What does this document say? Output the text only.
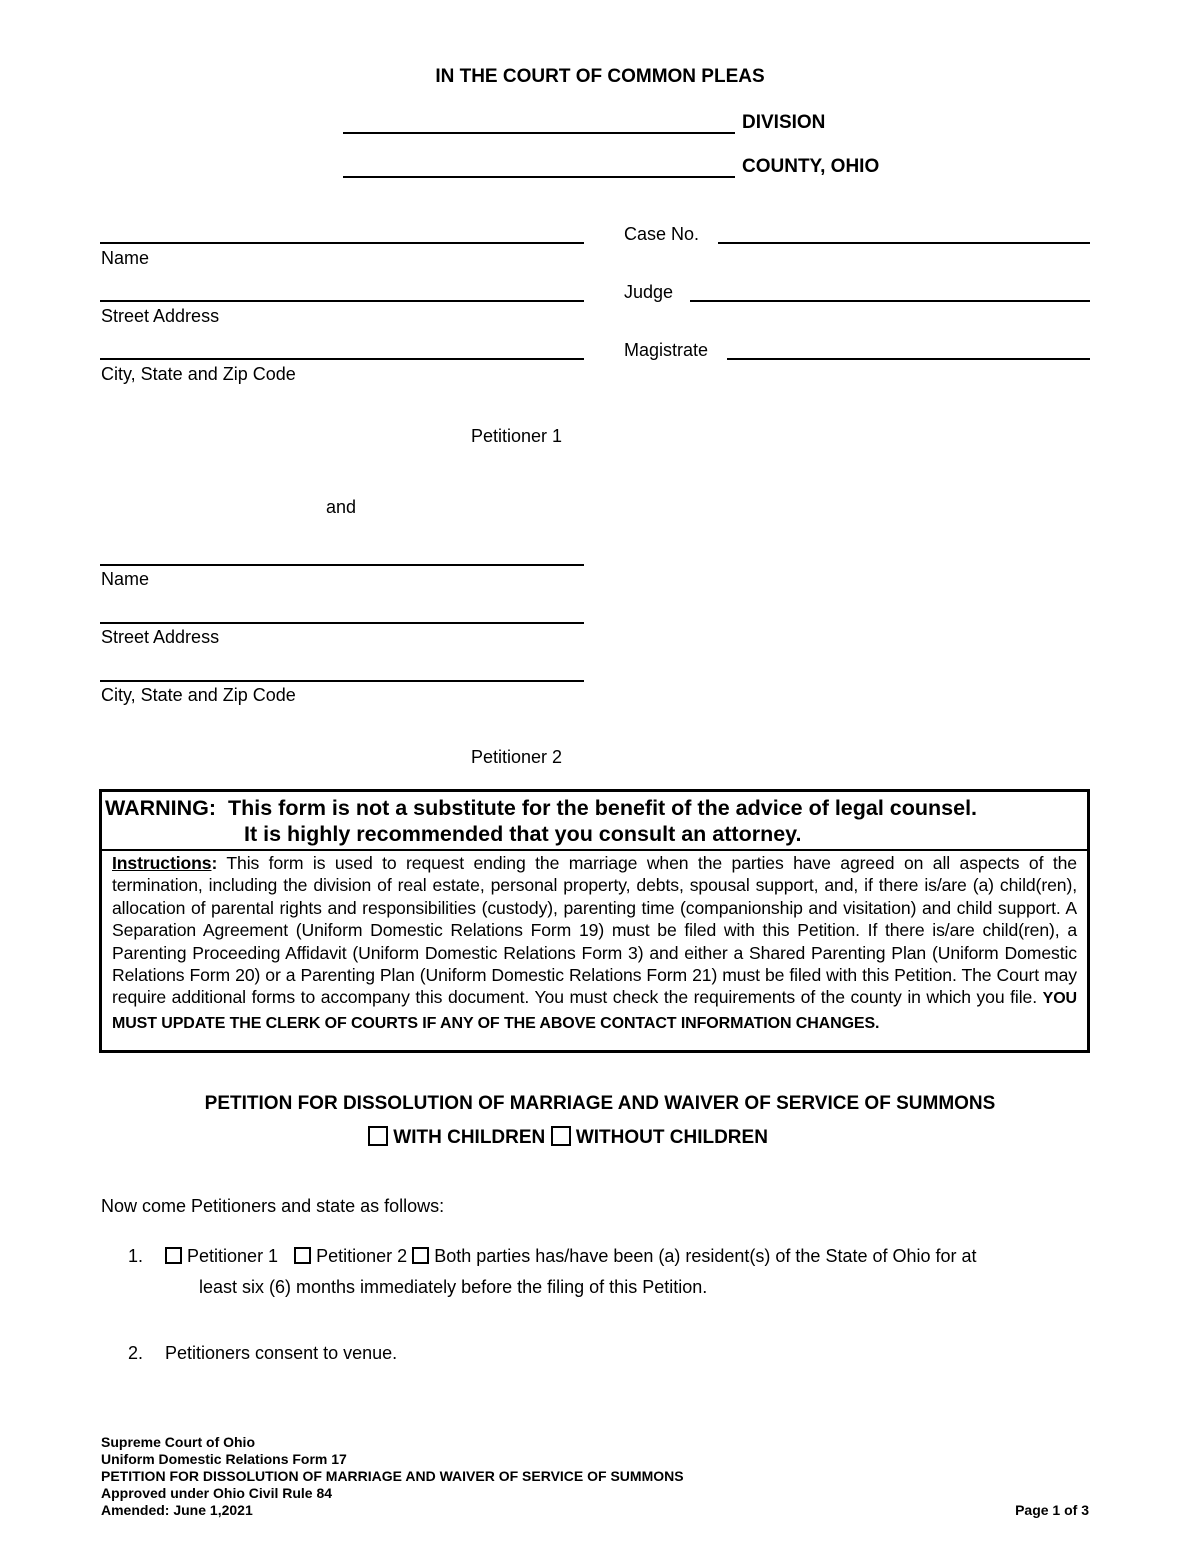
IN THE COURT OF COMMON PLEAS
DIVISION
COUNTY, OHIO
Name
Street Address
City, State and Zip Code
Petitioner 1
Case No.
Judge
Magistrate
and
Name
Street Address
City, State and Zip Code
Petitioner 2
WARNING:  This form is not a substitute for the benefit of the advice of legal counsel.
It is highly recommended that you consult an attorney.
Instructions: This form is used to request ending the marriage when the parties have agreed on all aspects of the termination, including the division of real estate, personal property, debts, spousal support, and, if there is/are (a) child(ren), allocation of parental rights and responsibilities (custody), parenting time (companionship and visitation) and child support. A Separation Agreement (Uniform Domestic Relations Form 19) must be filed with this Petition. If there is/are child(ren), a Parenting Proceeding Affidavit (Uniform Domestic Relations Form 3) and either a Shared Parenting Plan (Uniform Domestic Relations Form 20) or a Parenting Plan (Uniform Domestic Relations Form 21) must be filed with this Petition. The Court may require additional forms to accompany this document. You must check the requirements of the county in which you file. YOU MUST UPDATE THE CLERK OF COURTS IF ANY OF THE ABOVE CONTACT INFORMATION CHANGES.
PETITION FOR DISSOLUTION OF MARRIAGE AND WAIVER OF SERVICE OF SUMMONS
WITH CHILDREN WITHOUT CHILDREN
Now come Petitioners and state as follows:
1.	Petitioner 1 Petitioner 2 Both parties has/have been (a) resident(s) of the State of Ohio for at
least six (6) months immediately before the filing of this Petition.
2. Petitioners consent to venue.
Supreme Court of Ohio
Uniform Domestic Relations Form 17
PETITION FOR DISSOLUTION OF MARRIAGE AND WAIVER OF SERVICE OF SUMMONS
Approved under Ohio Civil Rule 84
Amended: June 1,2021	Page 1 of 3
